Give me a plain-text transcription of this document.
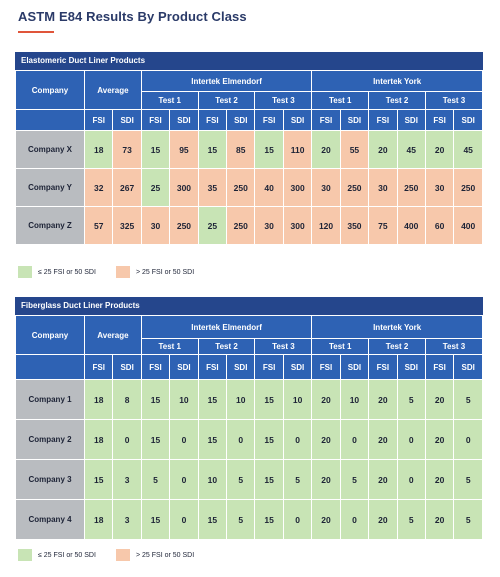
ASTM E84 Results By Product Class
Elastomeric Duct Liner Products
Company	Average		Intertek Elmendorf						Intertek York					
			Test 1		Test 2		Test 3		Test 1		Test 2		Test 3	
	FSI	SDI	FSI	SDI	FSI	SDI	FSI	SDI	FSI	SDI	FSI	SDI	FSI	SDI
Company X	18	73	15	95	15	85	15	110	20	55	20	45	20	45
Company Y	32	267	25	300	35	250	40	300	30	250	30	250	30	250
Company Z	57	325	30	250	25	250	30	300	120	350	75	400	60	400
≤ 25 FSI or 50 SDI	> 25 FSI or 50 SDI
Fiberglass Duct Liner Products
Company	Average		Intertek Elmendorf						Intertek York					
			Test 1		Test 2		Test 3		Test 1		Test 2		Test 3	
	FSI	SDI	FSI	SDI	FSI	SDI	FSI	SDI	FSI	SDI	FSI	SDI	FSI	SDI
Company 1	18	8	15	10	15	10	15	10	20	10	20	5	20	5
Company 2	18	0	15	0	15	0	15	0	20	0	20	0	20	0
Company 3	15	3	5	0	10	5	15	5	20	5	20	0	20	5
Company 4	18	3	15	0	15	5	15	0	20	0	20	5	20	5
≤ 25 FSI or 50 SDI	> 25 FSI or 50 SDI
